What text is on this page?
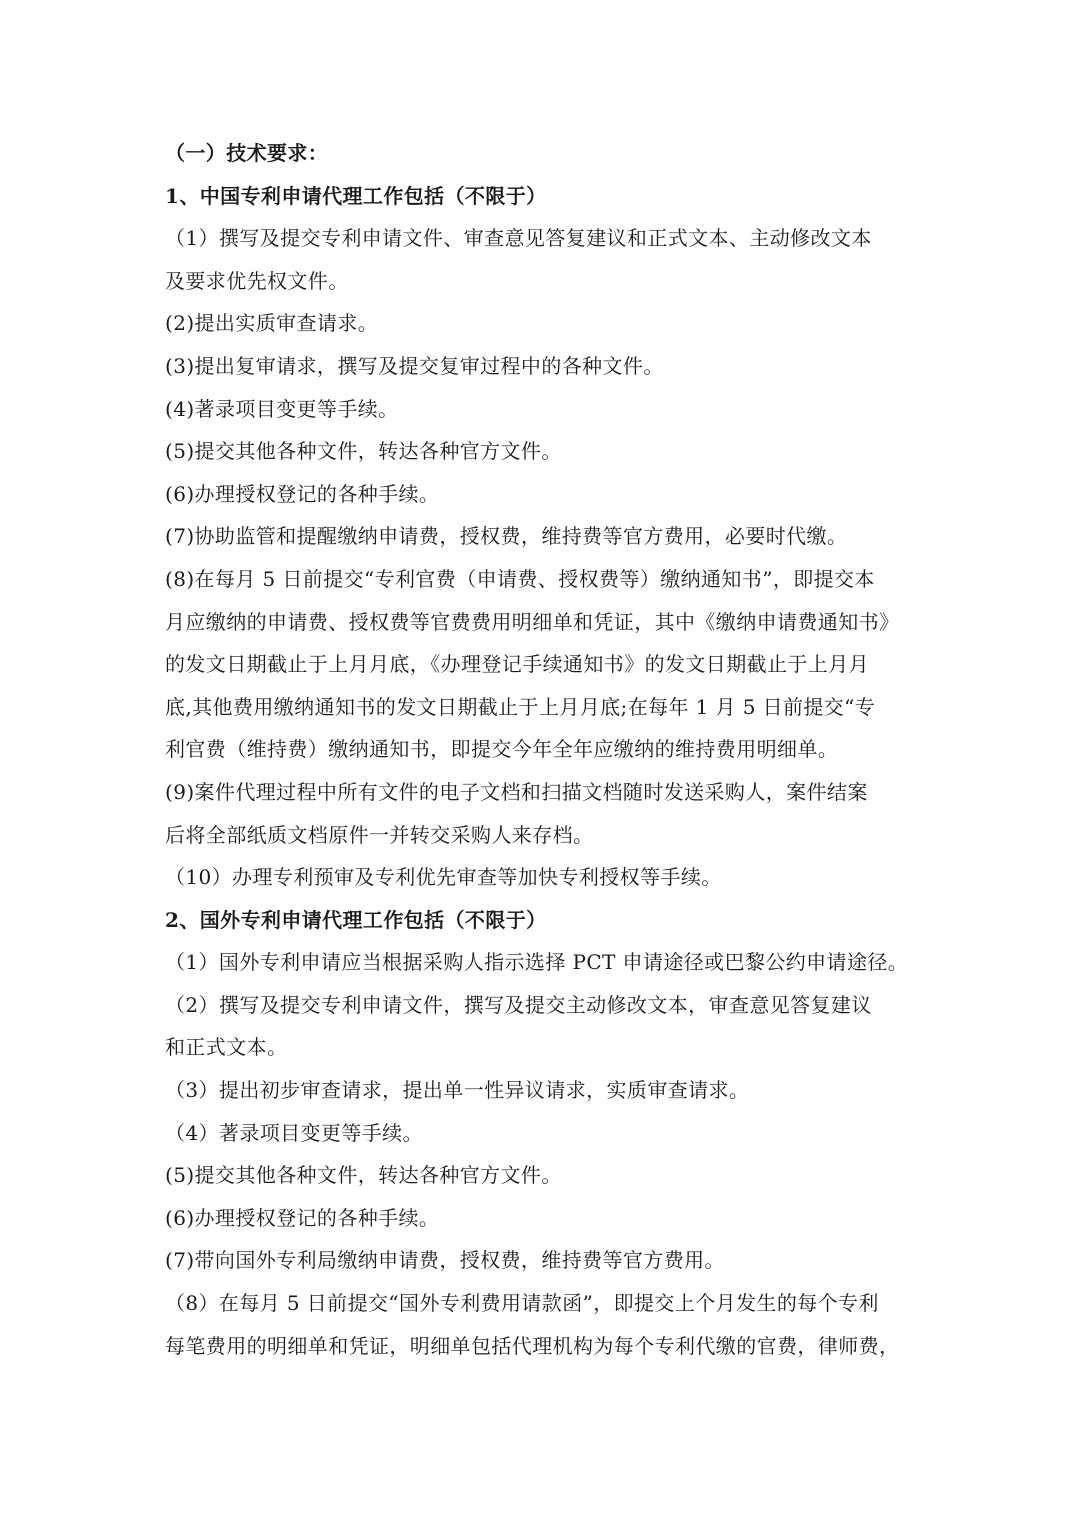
（一）技术要求：
1、中国专利申请代理工作包括（不限于）
（1）撰写及提交专利申请文件、审查意见答复建议和正式文本、主动修改文本
及要求优先权文件。
(2)提出实质审查请求。
(3)提出复审请求，撰写及提交复审过程中的各种文件。
(4)著录项目变更等手续。
(5)提交其他各种文件，转达各种官方文件。
(6)办理授权登记的各种手续。
(7)协助监管和提醒缴纳申请费，授权费，维持费等官方费用，必要时代缴。
(8)在每月 5 日前提交“专利官费（申请费、授权费等）缴纳通知书”，即提交本
月应缴纳的申请费、授权费等官费费用明细单和凭证，其中《缴纳申请费通知书》
的发文日期截止于上月月底，《办理登记手续通知书》的发文日期截止于上月月
底,其他费用缴纳通知书的发文日期截止于上月月底;在每年 1 月 5 日前提交“专
利官费（维持费）缴纳通知书，即提交今年全年应缴纳的维持费用明细单。
(9)案件代理过程中所有文件的电子文档和扫描文档随时发送采购人，案件结案
后将全部纸质文档原件一并转交采购人来存档。
（10）办理专利预审及专利优先审查等加快专利授权等手续。
2、国外专利申请代理工作包括（不限于）
（1）国外专利申请应当根据采购人指示选择 PCT 申请途径或巴黎公约申请途径。
（2）撰写及提交专利申请文件，撰写及提交主动修改文本，审查意见答复建议
和正式文本。
（3）提出初步审查请求，提出单一性异议请求，实质审查请求。
（4）著录项目变更等手续。
(5)提交其他各种文件，转达各种官方文件。
(6)办理授权登记的各种手续。
(7)带向国外专利局缴纳申请费，授权费，维持费等官方费用。
（8）在每月 5 日前提交“国外专利费用请款函”，即提交上个月发生的每个专利
每笔费用的明细单和凭证，明细单包括代理机构为每个专利代缴的官费，律师费，
